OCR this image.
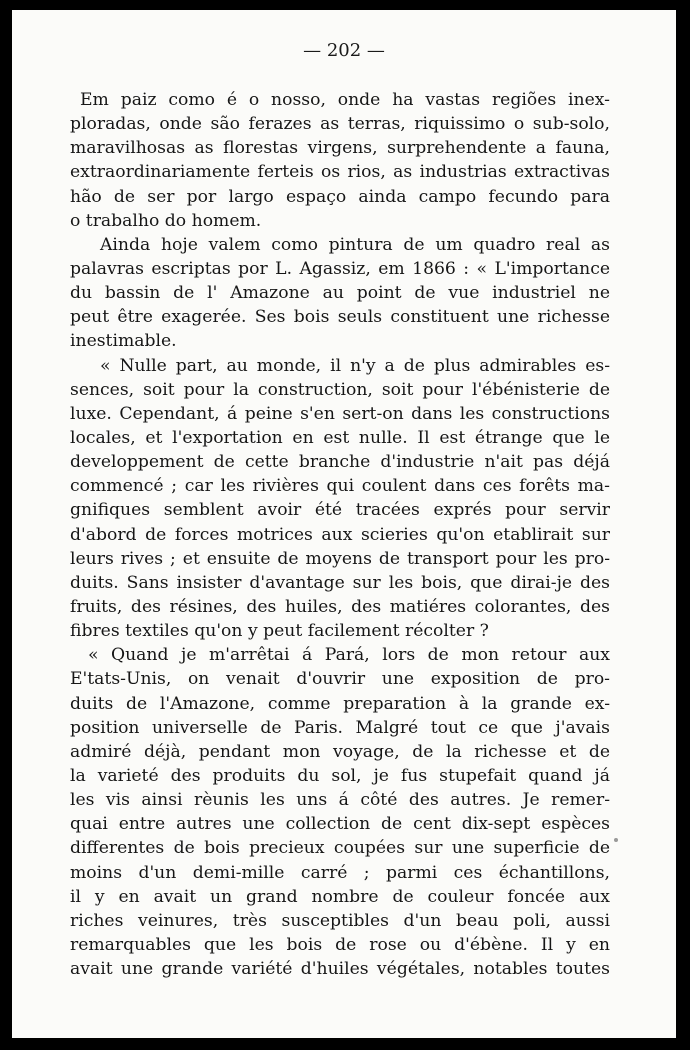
— 202 —
Em paiz como é o nosso, onde ha vastas regiões inex-
ploradas, onde são ferazes as terras, riquissimo o sub-solo,
maravilhosas as florestas virgens, surprehendente a fauna,
extraordinariamente ferteis os rios, as industrias extractivas
hão de ser por largo espaço ainda campo fecundo para
o trabalho do homem.
Ainda hoje valem como pintura de um quadro real as
palavras escriptas por L. Agassiz, em 1866 : « L'importance
du bassin de l' Amazone au point de vue industriel ne
peut être exagerée. Ses bois seuls constituent une richesse
inestimable.
« Nulle part, au monde, il n'y a de plus admirables es-
sences, soit pour la construction, soit pour l'ébénisterie de
luxe. Cependant, á peine s'en sert-on dans les constructions
locales, et l'exportation en est nulle. Il est étrange que le
developpement de cette branche d'industrie n'ait pas déjá
commencé ; car les rivières qui coulent dans ces forêts ma-
gnifiques semblent avoir été tracées exprés pour servir
d'abord de forces motrices aux scieries qu'on etablirait sur
leurs rives ; et ensuite de moyens de transport pour les pro-
duits. Sans insister d'avantage sur les bois, que dirai-je des
fruits, des résines, des huiles, des matiéres colorantes, des
fibres textiles qu'on y peut facilement récolter ?
« Quand je m'arrêtai á Pará, lors de mon retour aux
E'tats-Unis, on venait d'ouvrir une exposition de pro-
duits de l'Amazone, comme preparation à la grande ex-
position universelle de Paris. Malgré tout ce que j'avais
admiré déjà, pendant mon voyage, de la richesse et de
la varieté des produits du sol, je fus stupefait quand já
les vis ainsi rèunis les uns á côté des autres. Je remer-
quai entre autres une collection de cent dix-sept espèces
differentes de bois precieux coupées sur une superficie de
moins d'un demi-mille carré ; parmi ces échantillons,
il y en avait un grand nombre de couleur foncée aux
riches veinures, très susceptibles d'un beau poli, aussi
remarquables que les bois de rose ou d'ébène. Il y en
avait une grande variété d'huiles végétales, notables toutes
